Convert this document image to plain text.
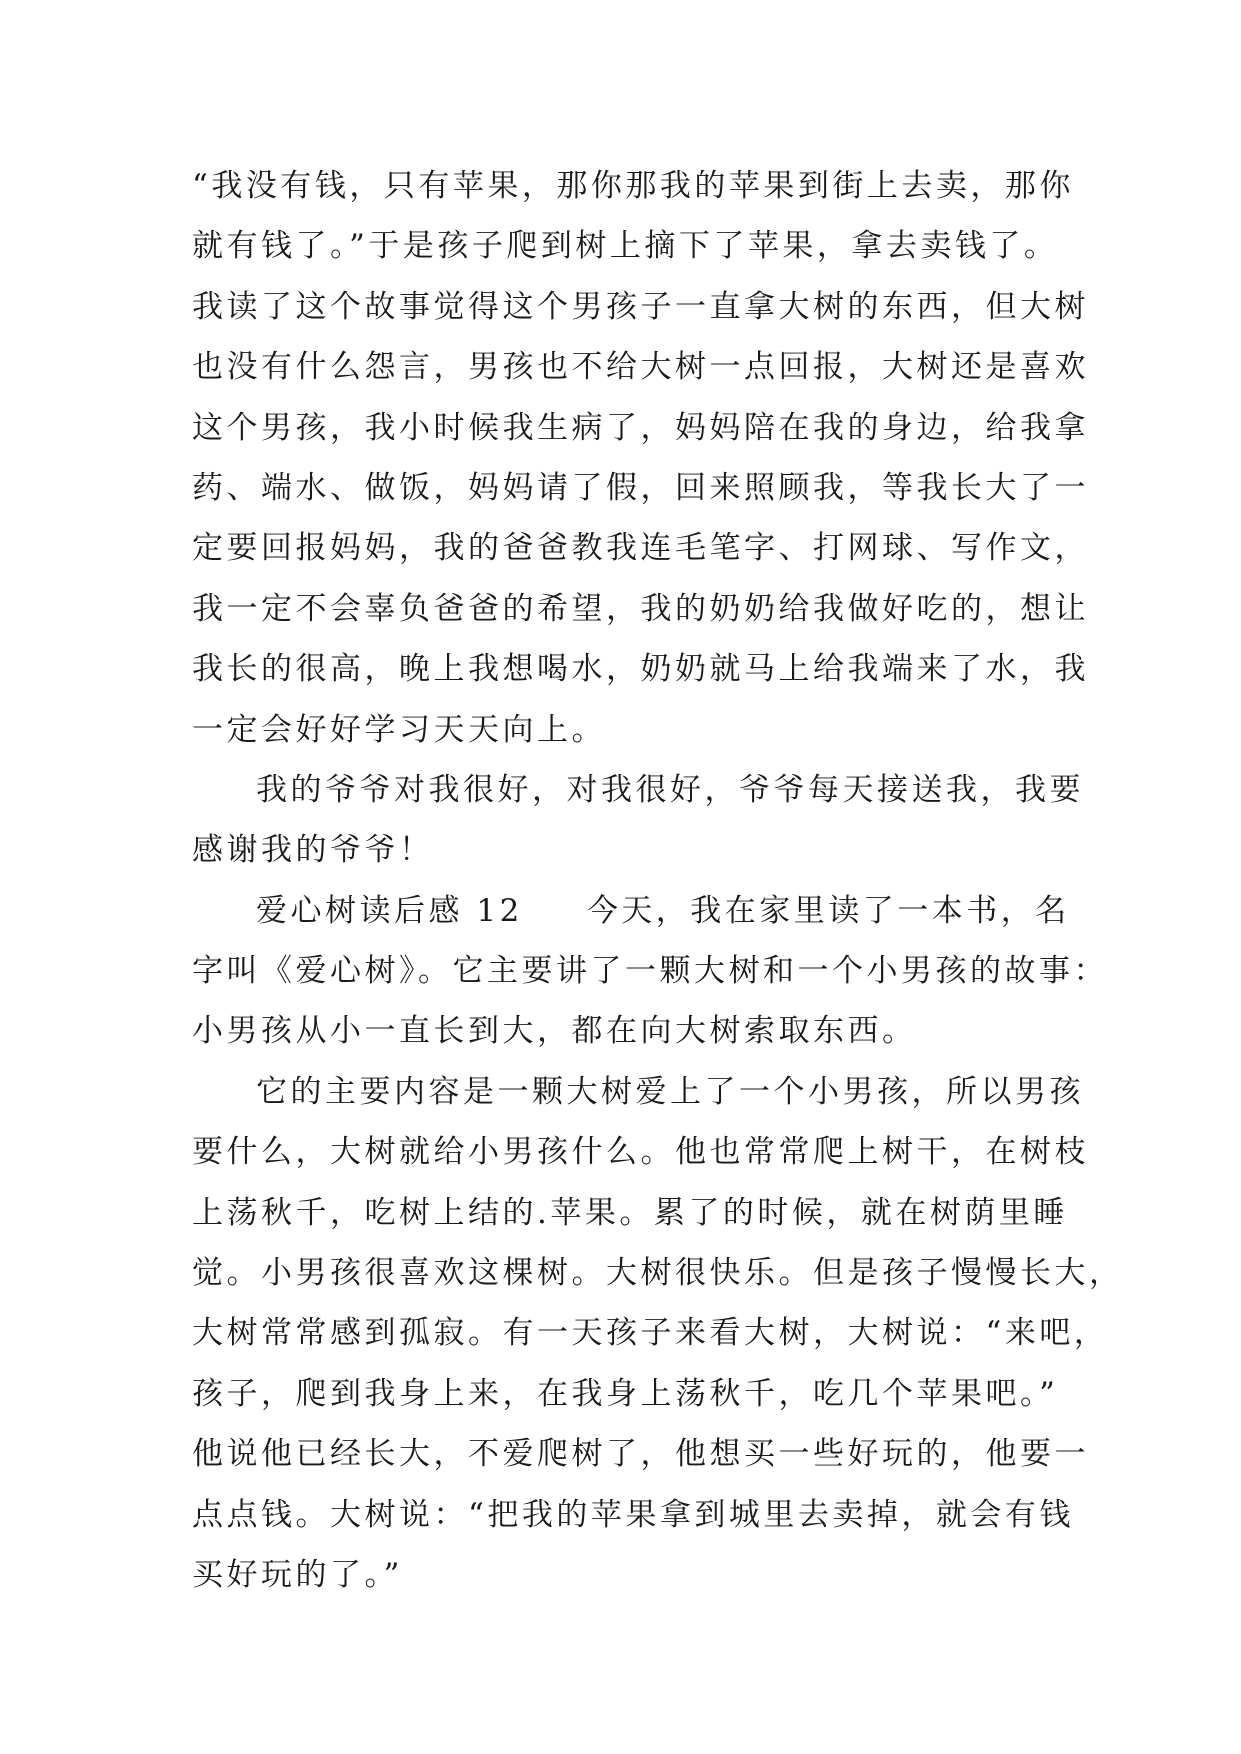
“我没有钱，只有苹果，那你那我的苹果到街上去卖，那你
就有钱了。”于是孩子爬到树上摘下了苹果，拿去卖钱了。
我读了这个故事觉得这个男孩子一直拿大树的东西，但大树
也没有什么怨言，男孩也不给大树一点回报，大树还是喜欢
这个男孩，我小时候我生病了，妈妈陪在我的身边，给我拿
药、端水、做饭，妈妈请了假，回来照顾我，等我长大了一
定要回报妈妈，我的爸爸教我连毛笔字、打网球、写作文，
我一定不会辜负爸爸的希望，我的奶奶给我做好吃的，想让
我长的很高，晚上我想喝水，奶奶就马上给我端来了水，我
一定会好好学习天天向上。
我的爷爷对我很好，对我很好，爷爷每天接送我，我要
感谢我的爷爷！
爱心树读后感 12 今天，我在家里读了一本书，名
字叫《爱心树》。它主要讲了一颗大树和一个小男孩的故事：
小男孩从小一直长到大，都在向大树索取东西。
它的主要内容是一颗大树爱上了一个小男孩，所以男孩
要什么，大树就给小男孩什么。他也常常爬上树干，在树枝
上荡秋千，吃树上结的.苹果。累了的时候，就在树荫里睡
觉。小男孩很喜欢这棵树。大树很快乐。但是孩子慢慢长大，
大树常常感到孤寂。有一天孩子来看大树，大树说：“来吧，
孩子，爬到我身上来，在我身上荡秋千，吃几个苹果吧。”
他说他已经长大，不爱爬树了，他想买一些好玩的，他要一
点点钱。大树说：“把我的苹果拿到城里去卖掉，就会有钱
买好玩的了。”
